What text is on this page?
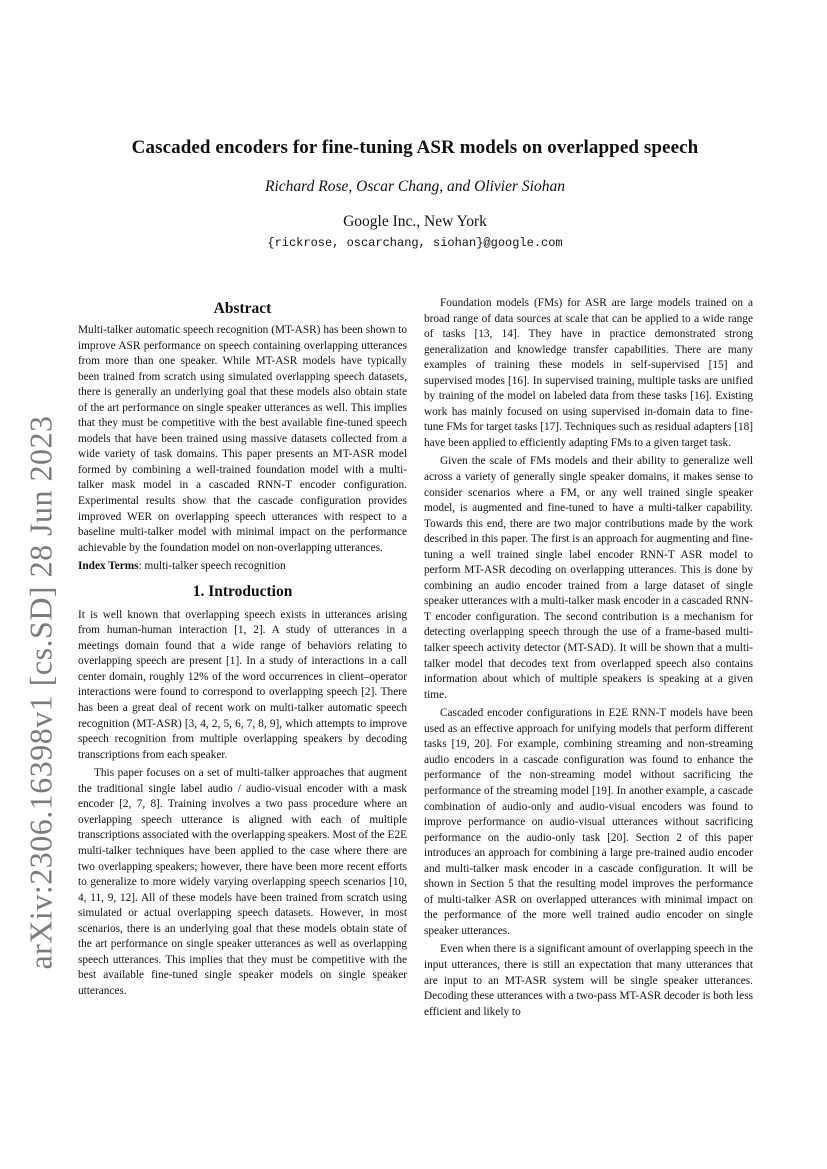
arXiv:2306.16398v1 [cs.SD] 28 Jun 2023
Cascaded encoders for fine-tuning ASR models on overlapped speech
Richard Rose, Oscar Chang, and Olivier Siohan
Google Inc., New York
{rickrose, oscarchang, siohan}@google.com
Abstract

Multi-talker automatic speech recognition (MT-ASR) has been shown to improve ASR performance on speech containing overlapping utterances from more than one speaker. While MT-ASR models have typically been trained from scratch using simulated overlapping speech datasets, there is generally an underlying goal that these models also obtain state of the art performance on single speaker utterances as well. This implies that they must be competitive with the best available fine-tuned speech models that have been trained using massive datasets collected from a wide variety of task domains. This paper presents an MT-ASR model formed by combining a well-trained foundation model with a multi-talker mask model in a cascaded RNN-T encoder configuration. Experimental results show that the cascade configuration provides improved WER on overlapping speech utterances with respect to a baseline multi-talker model with minimal impact on the performance achievable by the foundation model on non-overlapping utterances.

Index Terms: multi-talker speech recognition

1. Introduction

It is well known that overlapping speech exists in utterances arising from human-human interaction [1, 2]. A study of utterances in a meetings domain found that a wide range of behaviors relating to overlapping speech are present [1]. In a study of interactions in a call center domain, roughly 12% of the word occurrences in client–operator interactions were found to correspond to overlapping speech [2]. There has been a great deal of recent work on multi-talker automatic speech recognition (MT-ASR) [3, 4, 2, 5, 6, 7, 8, 9], which attempts to improve speech recognition from multiple overlapping speakers by decoding transcriptions from each speaker.

This paper focuses on a set of multi-talker approaches that augment the traditional single label audio / audio-visual encoder with a mask encoder [2, 7, 8]. Training involves a two pass procedure where an overlapping speech utterance is aligned with each of multiple transcriptions associated with the overlapping speakers. Most of the E2E multi-talker techniques have been applied to the case where there are two overlapping speakers; however, there have been more recent efforts to generalize to more widely varying overlapping speech scenarios [10, 4, 11, 9, 12]. All of these models have been trained from scratch using simulated or actual overlapping speech datasets. However, in most scenarios, there is an underlying goal that these models obtain state of the art performance on single speaker utterances as well as overlapping speech utterances. This implies that they must be competitive with the best available fine-tuned single speaker models on single speaker utterances.

Foundation models (FMs) for ASR are large models trained on a broad range of data sources at scale that can be applied to a wide range of tasks [13, 14]. They have in practice demonstrated strong generalization and knowledge transfer capabilities. There are many examples of training these models in self-supervised [15] and supervised modes [16]. In supervised training, multiple tasks are unified by training of the model on labeled data from these tasks [16]. Existing work has mainly focused on using supervised in-domain data to fine-tune FMs for target tasks [17]. Techniques such as residual adapters [18] have been applied to efficiently adapting FMs to a given target task.

Given the scale of FMs models and their ability to generalize well across a variety of generally single speaker domains, it makes sense to consider scenarios where a FM, or any well trained single speaker model, is augmented and fine-tuned to have a multi-talker capability. Towards this end, there are two major contributions made by the work described in this paper. The first is an approach for augmenting and fine-tuning a well trained single label encoder RNN-T ASR model to perform MT-ASR decoding on overlapping utterances. This is done by combining an audio encoder trained from a large dataset of single speaker utterances with a multi-talker mask encoder in a cascaded RNN-T encoder configuration. The second contribution is a mechanism for detecting overlapping speech through the use of a frame-based multi-talker speech activity detector (MT-SAD). It will be shown that a multi-talker model that decodes text from overlapped speech also contains information about which of multiple speakers is speaking at a given time.

Cascaded encoder configurations in E2E RNN-T models have been used as an effective approach for unifying models that perform different tasks [19, 20]. For example, combining streaming and non-streaming audio encoders in a cascade configuration was found to enhance the performance of the non-streaming model without sacrificing the performance of the streaming model [19]. In another example, a cascade combination of audio-only and audio-visual encoders was found to improve performance on audio-visual utterances without sacrificing performance on the audio-only task [20]. Section 2 of this paper introduces an approach for combining a large pre-trained audio encoder and multi-talker mask encoder in a cascade configuration. It will be shown in Section 5 that the resulting model improves the performance of multi-talker ASR on overlapped utterances with minimal impact on the performance of the more well trained audio encoder on single speaker utterances.

Even when there is a significant amount of overlapping speech in the input utterances, there is still an expectation that many utterances that are input to an MT-ASR system will be single speaker utterances. Decoding these utterances with a two-pass MT-ASR decoder is both less efficient and likely to
